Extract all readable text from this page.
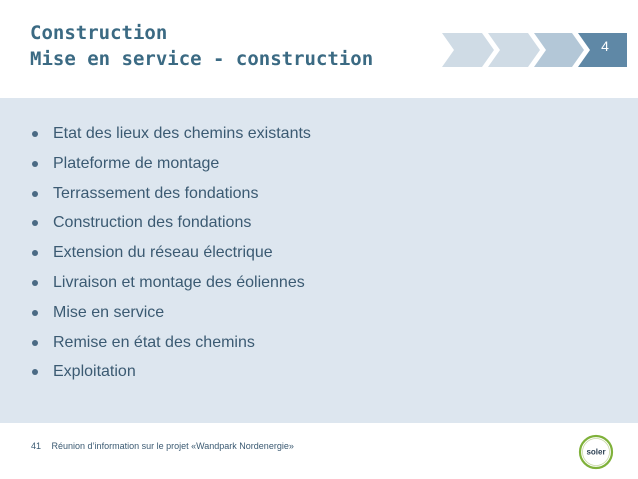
Construction
Mise en service - construction
4
Etat des lieux des chemins existants
Plateforme de montage
Terrassement des fondations
Construction des fondations
Extension du réseau électrique
Livraison et montage des éoliennes
Mise en service
Remise en état des chemins
Exploitation
41 Réunion d’information sur le projet «Wandpark Nordenergie»
soler
